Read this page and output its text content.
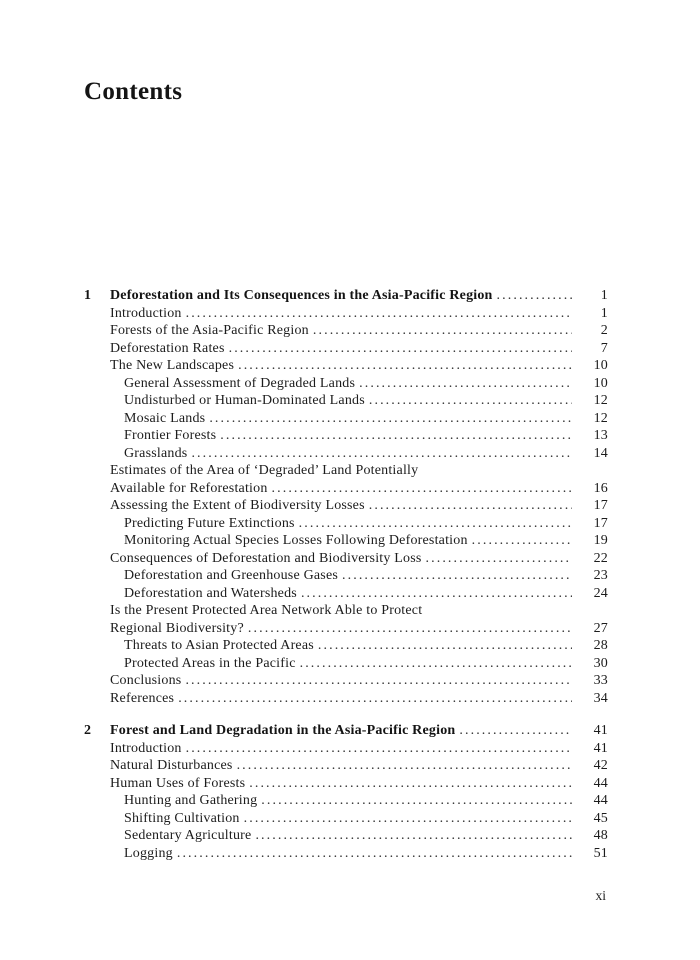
Contents
1	Deforestation and Its Consequences in the Asia-Pacific Region .....	1
Introduction .....	1
Forests of the Asia-Pacific Region .....	2
Deforestation Rates .....	7
The New Landscapes .....	10
General Assessment of Degraded Lands .....	10
Undisturbed or Human-Dominated Lands .....	12
Mosaic Lands .....	12
Frontier Forests .....	13
Grasslands .....	14
Estimates of the Area of ‘Degraded’ Land Potentially
Available for Reforestation .....	16
Assessing the Extent of Biodiversity Losses .....	17
Predicting Future Extinctions .....	17
Monitoring Actual Species Losses Following Deforestation .....	19
Consequences of Deforestation and Biodiversity Loss .....	22
Deforestation and Greenhouse Gases .....	23
Deforestation and Watersheds .....	24
Is the Present Protected Area Network Able to Protect
Regional Biodiversity? .....	27
Threats to Asian Protected Areas .....	28
Protected Areas in the Pacific .....	30
Conclusions .....	33
References .....	34
2	Forest and Land Degradation in the Asia-Pacific Region .....	41
Introduction .....	41
Natural Disturbances .....	42
Human Uses of Forests .....	44
Hunting and Gathering .....	44
Shifting Cultivation .....	45
Sedentary Agriculture .....	48
Logging .....	51
xi
